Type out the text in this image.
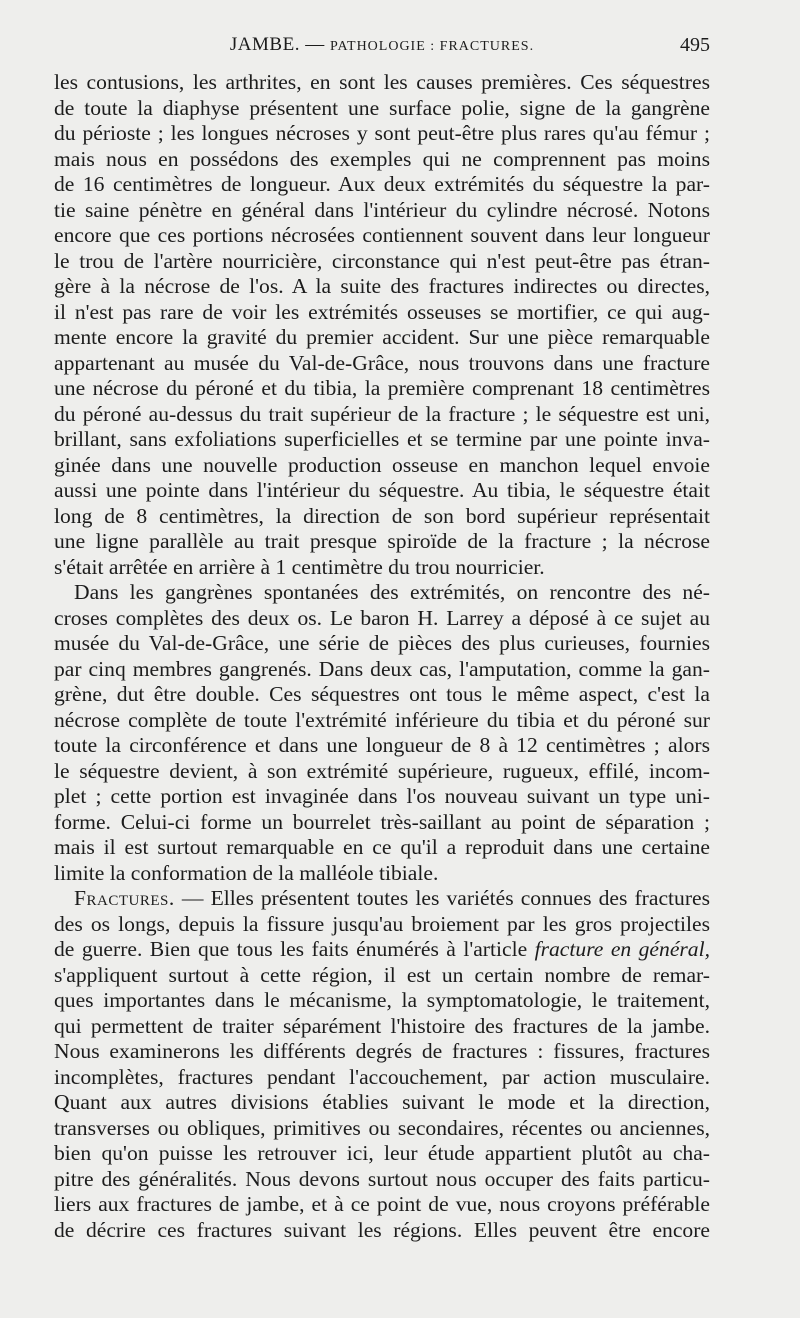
JAMBE. — PATHOLOGIE : FRACTURES.	495
les contusions, les arthrites, en sont les causes premières. Ces séquestres
de toute la diaphyse présentent une surface polie, signe de la gangrène
du périoste ; les longues nécroses y sont peut-être plus rares qu'au fémur ;
mais nous en possédons des exemples qui ne comprennent pas moins
de 16 centimètres de longueur. Aux deux extrémités du séquestre la par-
tie saine pénètre en général dans l'intérieur du cylindre nécrosé. Notons
encore que ces portions nécrosées contiennent souvent dans leur longueur
le trou de l'artère nourricière, circonstance qui n'est peut-être pas étran-
gère à la nécrose de l'os. A la suite des fractures indirectes ou directes,
il n'est pas rare de voir les extrémités osseuses se mortifier, ce qui aug-
mente encore la gravité du premier accident. Sur une pièce remarquable
appartenant au musée du Val-de-Grâce, nous trouvons dans une fracture
une nécrose du péroné et du tibia, la première comprenant 18 centimètres
du péroné au-dessus du trait supérieur de la fracture ; le séquestre est uni,
brillant, sans exfoliations superficielles et se termine par une pointe inva-
ginée dans une nouvelle production osseuse en manchon lequel envoie
aussi une pointe dans l'intérieur du séquestre. Au tibia, le séquestre était
long de 8 centimètres, la direction de son bord supérieur représentait
une ligne parallèle au trait presque spiroïde de la fracture ; la nécrose
s'était arrêtée en arrière à 1 centimètre du trou nourricier.
Dans les gangrènes spontanées des extrémités, on rencontre des né-
croses complètes des deux os. Le baron H. Larrey a déposé à ce sujet au
musée du Val-de-Grâce, une série de pièces des plus curieuses, fournies
par cinq membres gangrenés. Dans deux cas, l'amputation, comme la gan-
grène, dut être double. Ces séquestres ont tous le même aspect, c'est la
nécrose complète de toute l'extrémité inférieure du tibia et du péroné sur
toute la circonférence et dans une longueur de 8 à 12 centimètres ; alors
le séquestre devient, à son extrémité supérieure, rugueux, effilé, incom-
plet ; cette portion est invaginée dans l'os nouveau suivant un type uni-
forme. Celui-ci forme un bourrelet très-saillant au point de séparation ;
mais il est surtout remarquable en ce qu'il a reproduit dans une certaine
limite la conformation de la malléole tibiale.
Fractures. — Elles présentent toutes les variétés connues des fractures
des os longs, depuis la fissure jusqu'au broiement par les gros projectiles
de guerre. Bien que tous les faits énumérés à l'article fracture en général,
s'appliquent surtout à cette région, il est un certain nombre de remar-
ques importantes dans le mécanisme, la symptomatologie, le traitement,
qui permettent de traiter séparément l'histoire des fractures de la jambe.
Nous examinerons les différents degrés de fractures : fissures, fractures
incomplètes, fractures pendant l'accouchement, par action musculaire.
Quant aux autres divisions établies suivant le mode et la direction,
transverses ou obliques, primitives ou secondaires, récentes ou anciennes,
bien qu'on puisse les retrouver ici, leur étude appartient plutôt au cha-
pitre des généralités. Nous devons surtout nous occuper des faits particu-
liers aux fractures de jambe, et à ce point de vue, nous croyons préférable
de décrire ces fractures suivant les régions. Elles peuvent être encore
